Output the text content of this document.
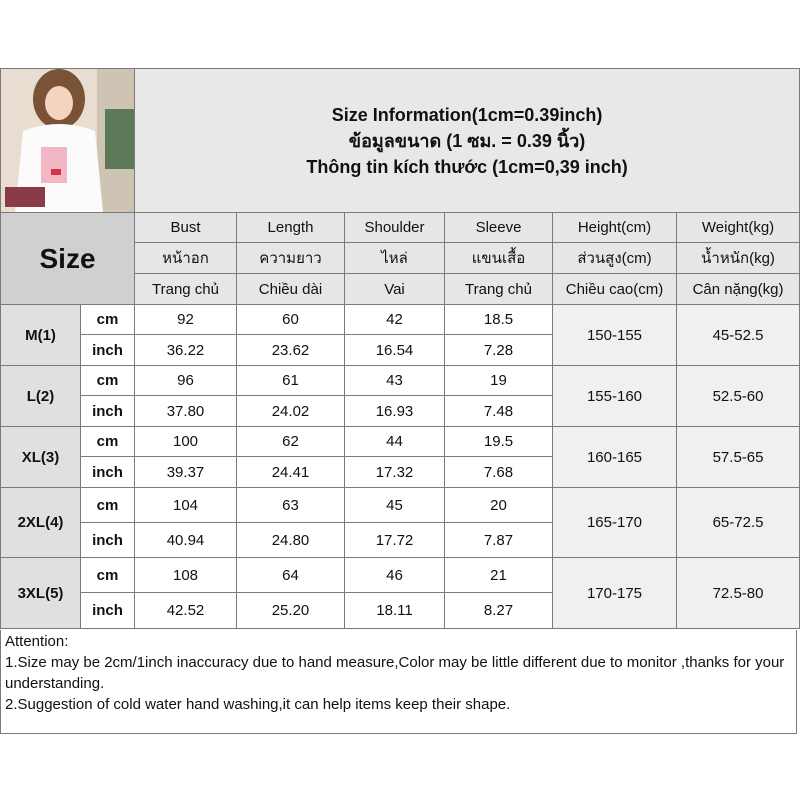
Size Information(1cm=0.39inch)
ข้อมูลขนาด (1 ซม. = 0.39 นิ้ว)
Thông tin kích thước (1cm=0,39 inch)					

Size		Bust	Length	Shoulder	Sleeve	Height(cm)	Weight(kg)
		หน้าอก	ความยาว	ไหล่	แขนเสื้อ	ส่วนสูง(cm)	น้ำหนัก(kg)
		Trang chủ	Chiều dài	Vai	Trang chủ	Chiều cao(cm)	Cân nặng(kg)
M(1)	cm	92	60	42	18.5	150-155	45-52.5
	inch	36.22	23.62	16.54	7.28		
L(2)	cm	96	61	43	19	155-160	52.5-60
	inch	37.80	24.02	16.93	7.48		
XL(3)	cm	100	62	44	19.5	160-165	57.5-65
	inch	39.37	24.41	17.32	7.68		
2XL(4)	cm	104	63	45	20	165-170	65-72.5
	inch	40.94	24.80	17.72	7.87		
3XL(5)	cm	108	64	46	21	170-175	72.5-80
	inch	42.52	25.20	18.11	8.27		
Attention:
1.Size may be 2cm/1inch inaccuracy due to hand measure,Color may be little different due to monitor ,thanks for your understanding.
2.Suggestion of cold water hand washing,it can help items keep their shape.
